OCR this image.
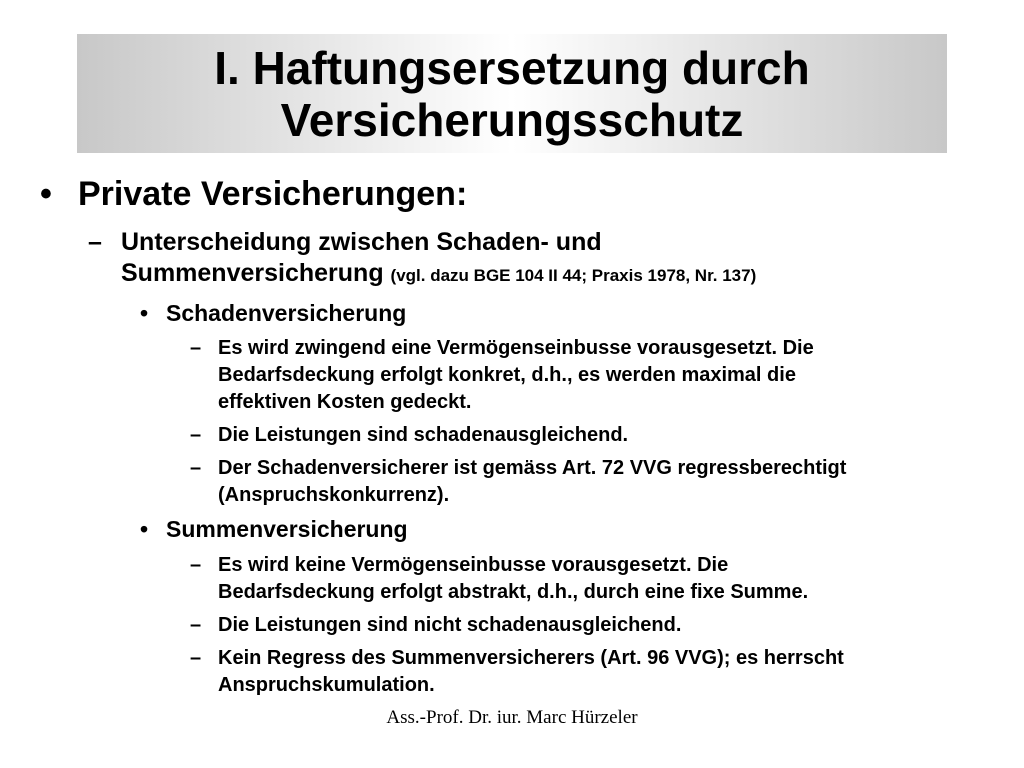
I. Haftungsersetzung durch
Versicherungsschutz
• Private Versicherungen:
– Unterscheidung zwischen Schaden- und
Summenversicherung (vgl. dazu BGE 104 II 44; Praxis 1978, Nr. 137)
• Schadenversicherung
– Es wird zwingend eine Vermögenseinbusse vorausgesetzt. Die
Bedarfsdeckung erfolgt konkret, d.h., es werden maximal die
effektiven Kosten gedeckt.
– Die Leistungen sind schadenausgleichend.
– Der Schadenversicherer ist gemäss Art. 72 VVG regressberechtigt
(Anspruchskonkurrenz).
• Summenversicherung
– Es wird keine Vermögenseinbusse vorausgesetzt. Die
Bedarfsdeckung erfolgt abstrakt, d.h., durch eine fixe Summe.
– Die Leistungen sind nicht schadenausgleichend.
– Kein Regress des Summenversicherers (Art. 96 VVG); es herrscht
Anspruchskumulation.
Ass.-Prof. Dr. iur. Marc Hürzeler
